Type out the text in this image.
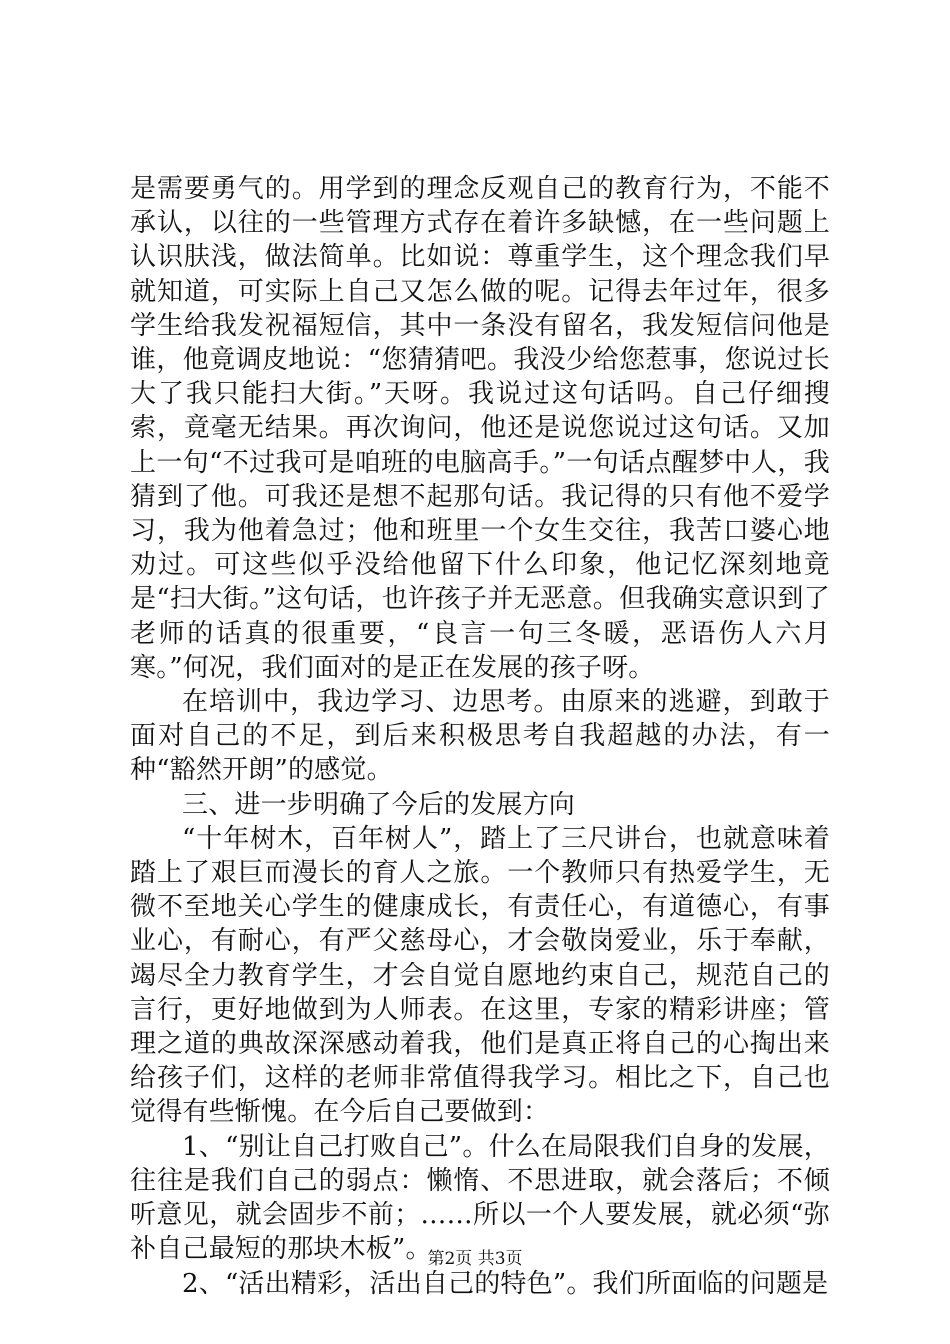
是需要勇气的。用学到的理念反观自己的教育行为，不能不承认，以往的一些管理方式存在着许多缺憾，在一些问题上认识肤浅，做法简单。比如说：尊重学生，这个理念我们早就知道，可实际上自己又怎么做的呢。记得去年过年，很多学生给我发祝福短信，其中一条没有留名，我发短信问他是谁，他竟调皮地说：“您猜猜吧。我没少给您惹事，您说过长大了我只能扫大街。”天呀。我说过这句话吗。自己仔细搜索，竟毫无结果。再次询问，他还是说您说过这句话。又加上一句“不过我可是咱班的电脑高手。”一句话点醒梦中人，我猜到了他。可我还是想不起那句话。我记得的只有他不爱学习，我为他着急过；他和班里一个女生交往，我苦口婆心地劝过。可这些似乎没给他留下什么印象，他记忆深刻地竟是“扫大街。”这句话，也许孩子并无恶意。但我确实意识到了老师的话真的很重要，“良言一句三冬暖，恶语伤人六月寒。”何况，我们面对的是正在发展的孩子呀。

在培训中，我边学习、边思考。由原来的逃避，到敢于面对自己的不足，到后来积极思考自我超越的办法，有一种“豁然开朗”的感觉。

三、进一步明确了今后的发展方向

“十年树木，百年树人”，踏上了三尺讲台，也就意味着踏上了艰巨而漫长的育人之旅。一个教师只有热爱学生，无微不至地关心学生的健康成长，有责任心，有道德心，有事业心，有耐心，有严父慈母心，才会敬岗爱业，乐于奉献，竭尽全力教育学生，才会自觉自愿地约束自己，规范自己的言行，更好地做到为人师表。在这里，专家的精彩讲座；管理之道的典故深深感动着我，他们是真正将自己的心掏出来给孩子们，这样的老师非常值得我学习。相比之下，自己也觉得有些惭愧。在今后自己要做到：

1、“别让自己打败自己”。什么在局限我们自身的发展，往往是我们自己的弱点：懒惰、不思进取，就会落后；不倾听意见，就会固步不前；……所以一个人要发展，就必须“弥补自己最短的那块木板”。

2、“活出精彩，活出自己的特色”。我们所面临的问题是

第2页 共3页
